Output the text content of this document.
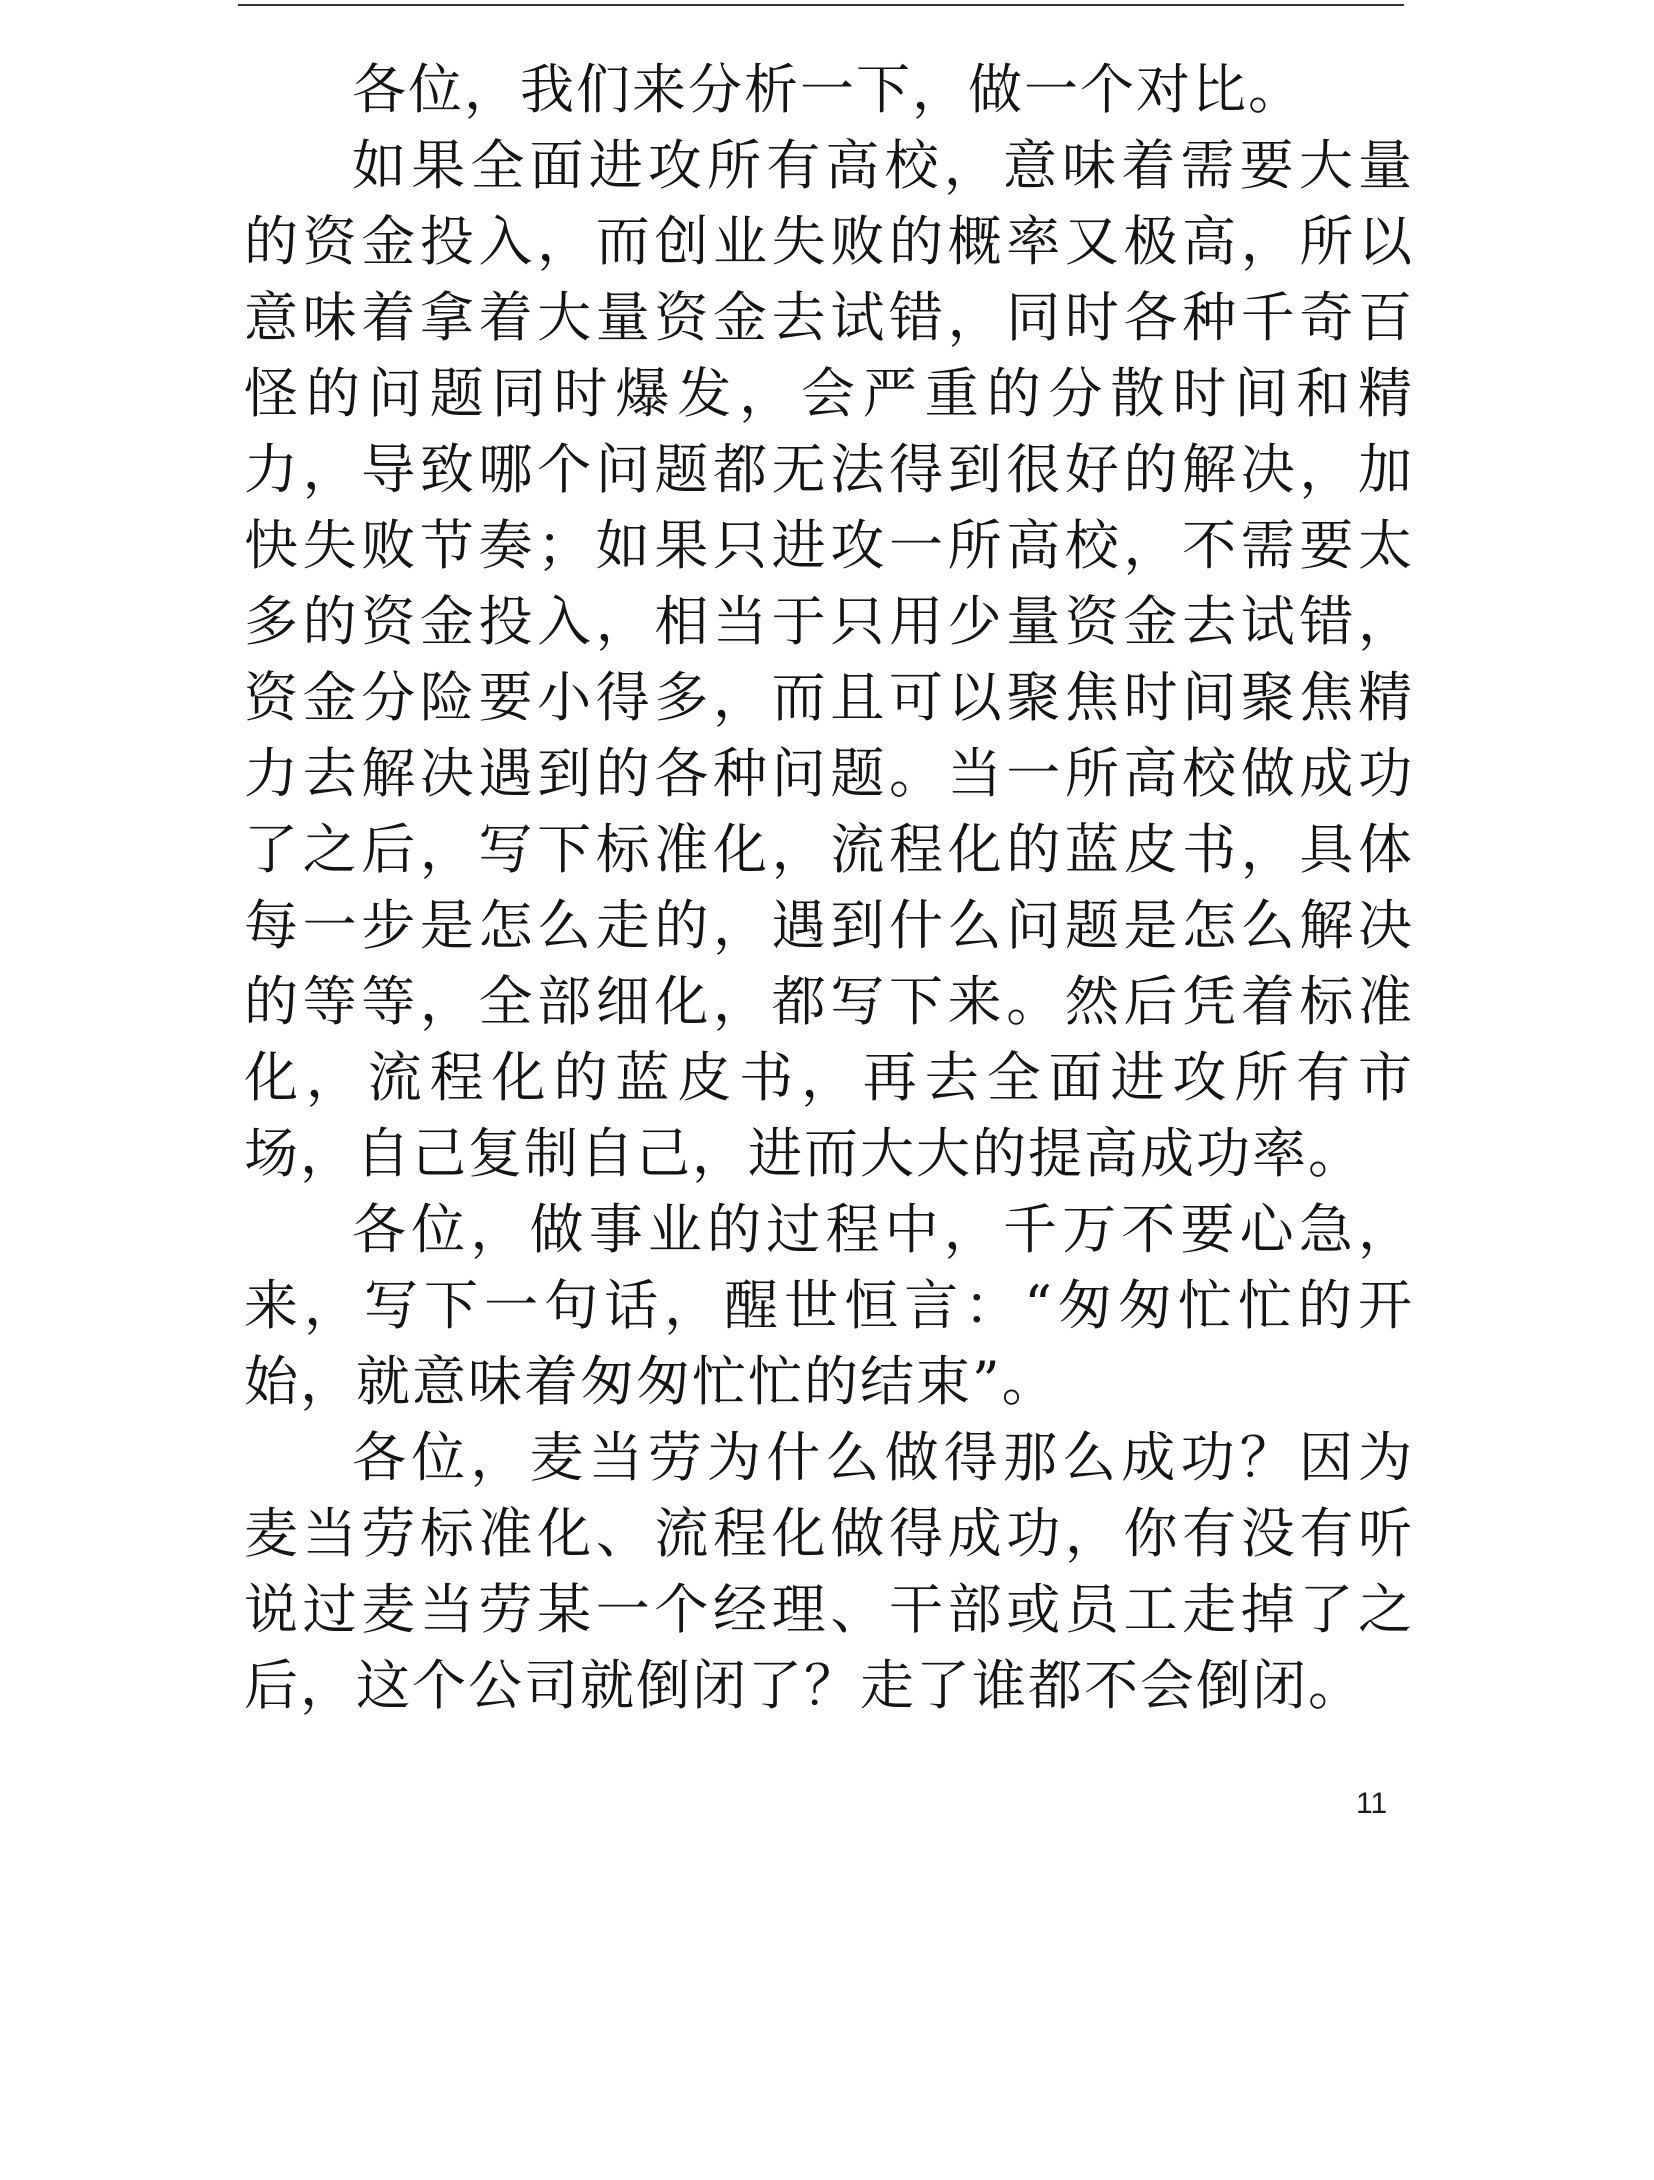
各位，我们来分析一下，做一个对比。

如果全面进攻所有高校，意味着需要大量的资金投入，而创业失败的概率又极高，所以意味着拿着大量资金去试错，同时各种千奇百怪的问题同时爆发，会严重的分散时间和精力，导致哪个问题都无法得到很好的解决，加快失败节奏；如果只进攻一所高校，不需要太多的资金投入，相当于只用少量资金去试错，资金分险要小得多，而且可以聚焦时间聚焦精力去解决遇到的各种问题。当一所高校做成功了之后，写下标准化，流程化的蓝皮书，具体每一步是怎么走的，遇到什么问题是怎么解决的等等，全部细化，都写下来。然后凭着标准化，流程化的蓝皮书，再去全面进攻所有市场，自己复制自己，进而大大的提高成功率。

各位，做事业的过程中，千万不要心急，来，写下一句话，醒世恒言：“匆匆忙忙的开始，就意味着匆匆忙忙的结束”。

各位，麦当劳为什么做得那么成功？因为麦当劳标准化、流程化做得成功，你有没有听说过麦当劳某一个经理、干部或员工走掉了之后，这个公司就倒闭了？走了谁都不会倒闭。

11
